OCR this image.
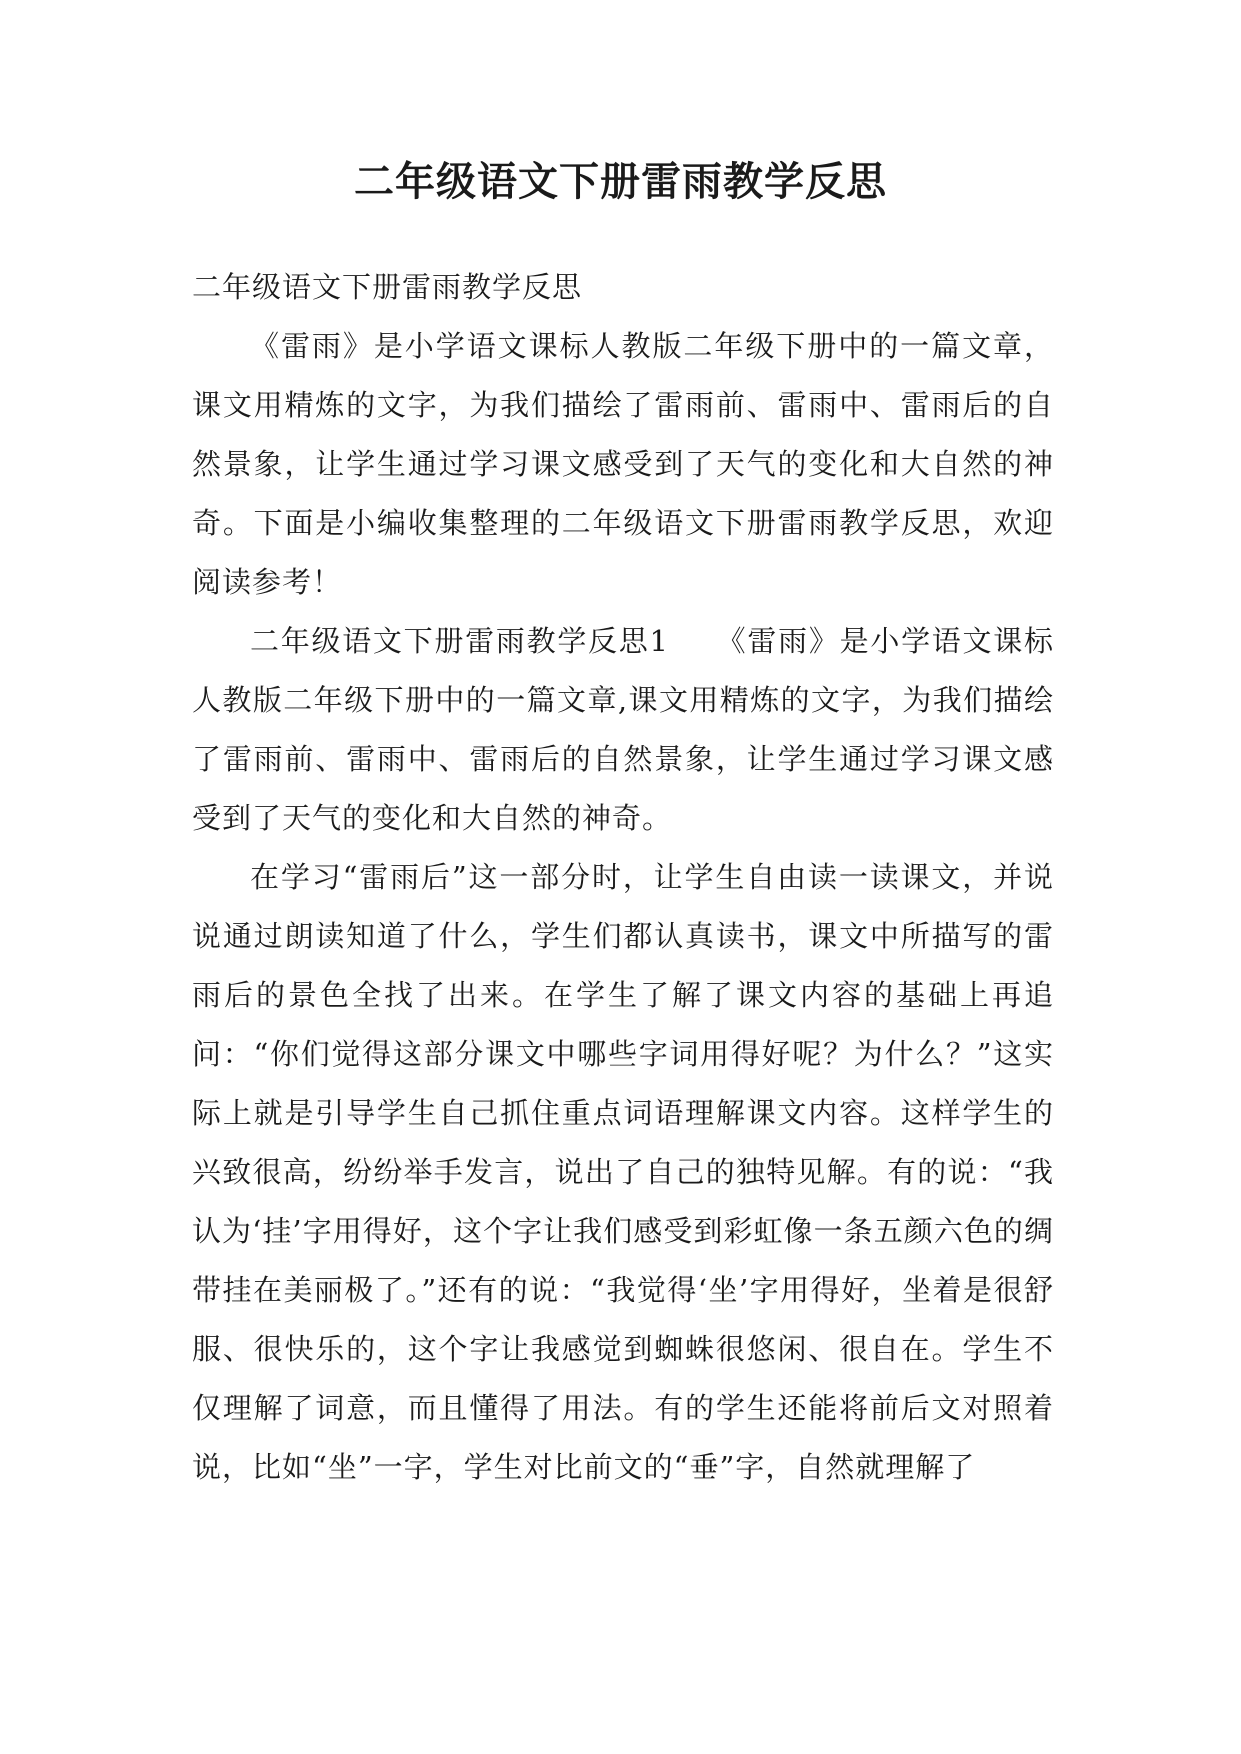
二年级语文下册雷雨教学反思

二年级语文下册雷雨教学反思

《雷雨》是小学语文课标人教版二年级下册中的一篇文章，课文用精炼的文字，为我们描绘了雷雨前、雷雨中、雷雨后的自然景象，让学生通过学习课文感受到了天气的变化和大自然的神奇。下面是小编收集整理的二年级语文下册雷雨教学反思，欢迎阅读参考！

二年级语文下册雷雨教学反思1　　《雷雨》是小学语文课标人教版二年级下册中的一篇文章,课文用精炼的文字，为我们描绘了雷雨前、雷雨中、雷雨后的自然景象，让学生通过学习课文感受到了天气的变化和大自然的神奇。

在学习“雷雨后”这一部分时，让学生自由读一读课文，并说说通过朗读知道了什么，学生们都认真读书，课文中所描写的雷雨后的景色全找了出来。在学生了解了课文内容的基础上再追问：“你们觉得这部分课文中哪些字词用得好呢？为什么？”这实际上就是引导学生自己抓住重点词语理解课文内容。这样学生的兴致很高，纷纷举手发言，说出了自己的独特见解。有的说：“我认为‘挂’字用得好，这个字让我们感受到彩虹像一条五颜六色的绸带挂在美丽极了。”还有的说：“我觉得‘坐’字用得好，坐着是很舒服、很快乐的，这个字让我感觉到蜘蛛很悠闲、很自在。学生不仅理解了词意，而且懂得了用法。有的学生还能将前后文对照着说，比如“坐”一字，学生对比前文的“垂”字，自然就理解了
